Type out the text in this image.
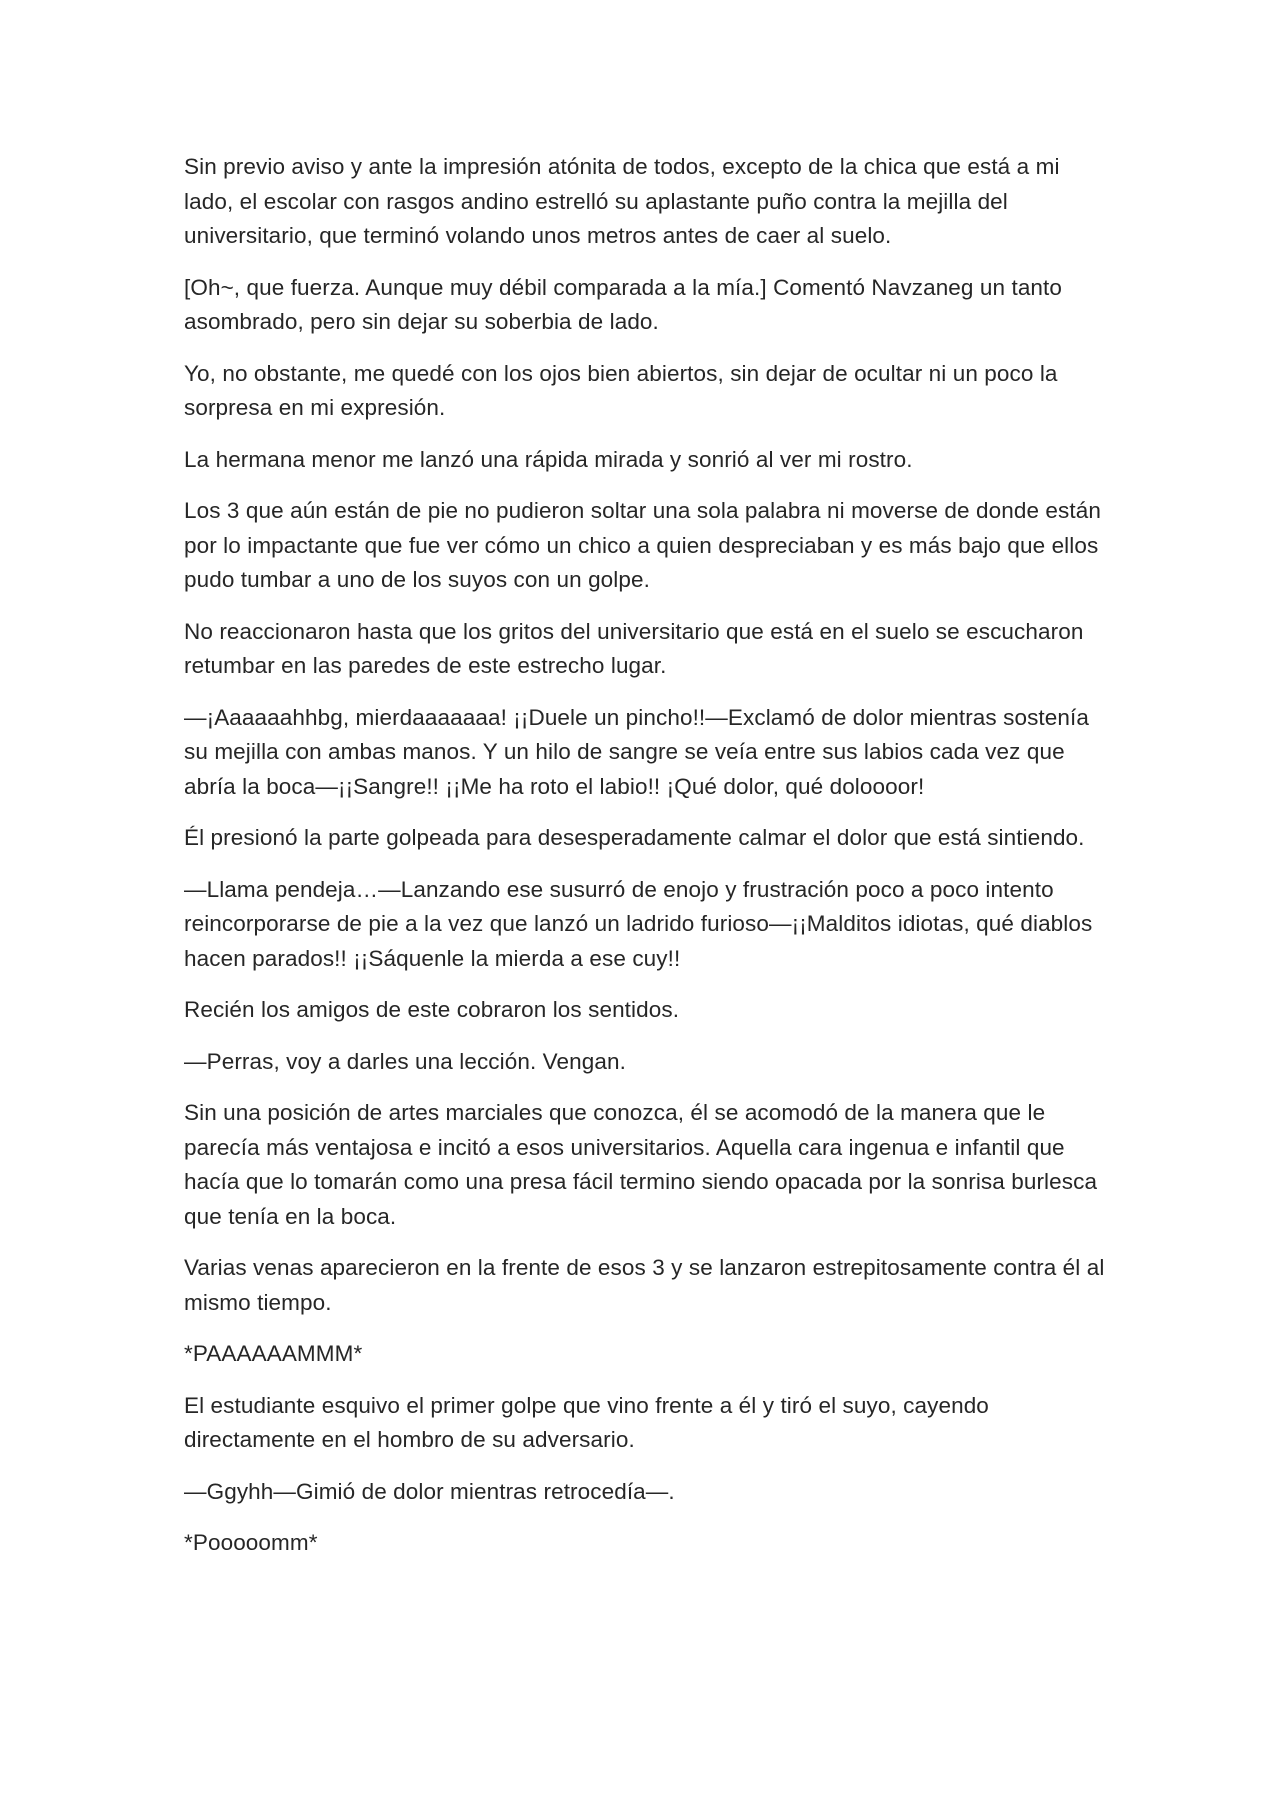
Sin previo aviso y ante la impresión atónita de todos, excepto de la chica que está a mi lado, el escolar con rasgos andino estrelló su aplastante puño contra la mejilla del universitario, que terminó volando unos metros antes de caer al suelo.

[Oh~, que fuerza. Aunque muy débil comparada a la mía.] Comentó Navzaneg un tanto asombrado, pero sin dejar su soberbia de lado.

Yo, no obstante, me quedé con los ojos bien abiertos, sin dejar de ocultar ni un poco la sorpresa en mi expresión.

La hermana menor me lanzó una rápida mirada y sonrió al ver mi rostro.

Los 3 que aún están de pie no pudieron soltar una sola palabra ni moverse de donde están por lo impactante que fue ver cómo un chico a quien despreciaban y es más bajo que ellos pudo tumbar a uno de los suyos con un golpe.

No reaccionaron hasta que los gritos del universitario que está en el suelo se escucharon retumbar en las paredes de este estrecho lugar.

—¡Aaaaaahhbg, mierdaaaaaaa! ¡¡Duele un pincho!!—Exclamó de dolor mientras sostenía su mejilla con ambas manos. Y un hilo de sangre se veía entre sus labios cada vez que abría la boca—¡¡Sangre!! ¡¡Me ha roto el labio!! ¡Qué dolor, qué doloooor!

Él presionó la parte golpeada para desesperadamente calmar el dolor que está sintiendo.

—Llama pendeja…—Lanzando ese susurró de enojo y frustración poco a poco intento reincorporarse de pie a la vez que lanzó un ladrido furioso—¡¡Malditos idiotas, qué diablos hacen parados!! ¡¡Sáquenle la mierda a ese cuy!!

Recién los amigos de este cobraron los sentidos.

—Perras, voy a darles una lección. Vengan.

Sin una posición de artes marciales que conozca, él se acomodó de la manera que le parecía más ventajosa e incitó a esos universitarios. Aquella cara ingenua e infantil que hacía que lo tomarán como una presa fácil termino siendo opacada por la sonrisa burlesca que tenía en la boca.

Varias venas aparecieron en la frente de esos 3 y se lanzaron estrepitosamente contra él al mismo tiempo.

*PAAAAAAMMM*

El estudiante esquivo el primer golpe que vino frente a él y tiró el suyo, cayendo directamente en el hombro de su adversario.

—Ggyhh—Gimió de dolor mientras retrocedía—.

*Pooooomm*
